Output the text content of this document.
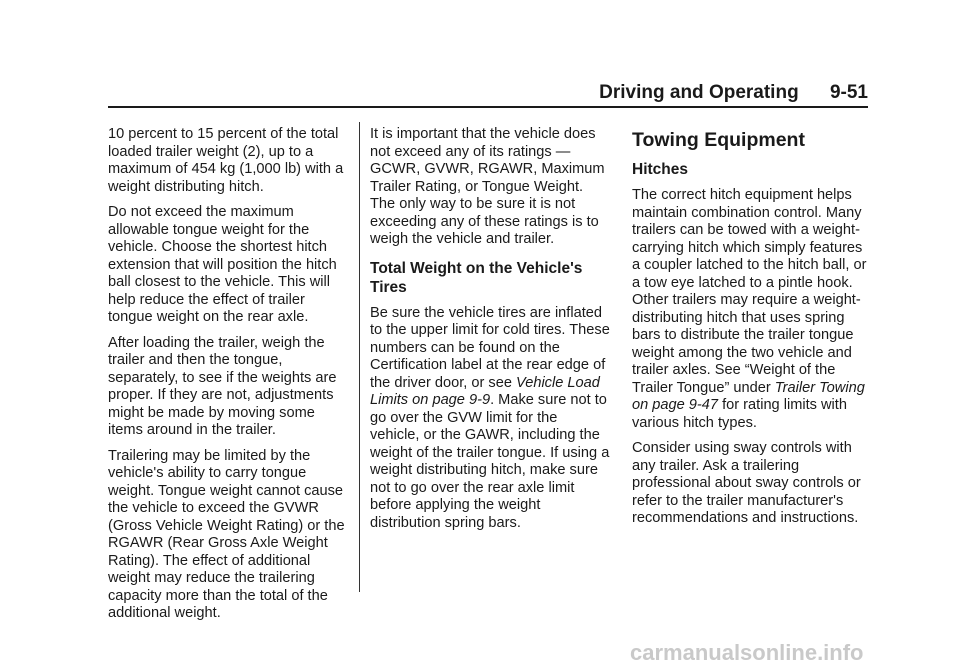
Driving and Operating 9-51

10 percent to 15 percent of the total loaded trailer weight (2), up to a maximum of 454 kg (1,000 lb) with a weight distributing hitch.

Do not exceed the maximum allowable tongue weight for the vehicle. Choose the shortest hitch extension that will position the hitch ball closest to the vehicle. This will help reduce the effect of trailer tongue weight on the rear axle.

After loading the trailer, weigh the trailer and then the tongue, separately, to see if the weights are proper. If they are not, adjustments might be made by moving some items around in the trailer.

Trailering may be limited by the vehicle's ability to carry tongue weight. Tongue weight cannot cause the vehicle to exceed the GVWR (Gross Vehicle Weight Rating) or the RGAWR (Rear Gross Axle Weight Rating). The effect of additional weight may reduce the trailering capacity more than the total of the additional weight.

It is important that the vehicle does not exceed any of its ratings — GCWR, GVWR, RGAWR, Maximum Trailer Rating, or Tongue Weight. The only way to be sure it is not exceeding any of these ratings is to weigh the vehicle and trailer.

Total Weight on the Vehicle's Tires

Be sure the vehicle tires are inflated to the upper limit for cold tires. These numbers can be found on the Certification label at the rear edge of the driver door, or see Vehicle Load Limits on page 9-9. Make sure not to go over the GVW limit for the vehicle, or the GAWR, including the weight of the trailer tongue. If using a weight distributing hitch, make sure not to go over the rear axle limit before applying the weight distribution spring bars.

Towing Equipment
Hitches

The correct hitch equipment helps maintain combination control. Many trailers can be towed with a weight-carrying hitch which simply features a coupler latched to the hitch ball, or a tow eye latched to a pintle hook. Other trailers may require a weight-distributing hitch that uses spring bars to distribute the trailer tongue weight among the two vehicle and trailer axles. See “Weight of the Trailer Tongue” under Trailer Towing on page 9-47 for rating limits with various hitch types.

Consider using sway controls with any trailer. Ask a trailering professional about sway controls or refer to the trailer manufacturer's recommendations and instructions.

carmanualsonline.info
